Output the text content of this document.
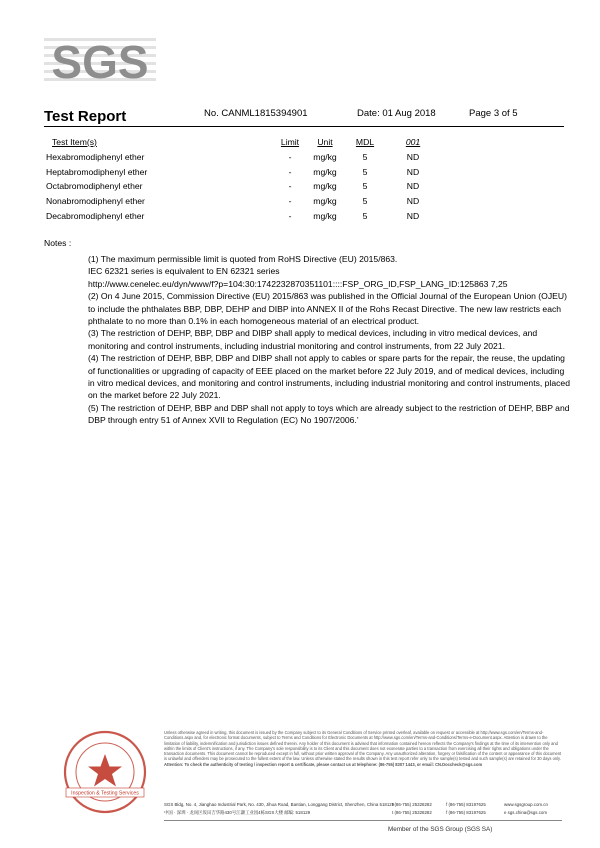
SGS
Test Report	No. CANML1815394901	Date: 01 Aug 2018	Page 3 of 5
Test Item(s)	Limit	Unit	MDL	001
Hexabromodiphenyl ether	-	mg/kg	5	ND
Heptabromodiphenyl ether	-	mg/kg	5	ND
Octabromodiphenyl ether	-	mg/kg	5	ND
Nonabromodiphenyl ether	-	mg/kg	5	ND
Decabromodiphenyl ether	-	mg/kg	5	ND
Notes :

(1) The maximum permissible limit is quoted from RoHS Directive (EU) 2015/863.

IEC 62321 series is equivalent to EN 62321 series

http://www.cenelec.eu/dyn/www/f?p=104:30:1742232870351101::::FSP_ORG_ID,FSP_LANG_ID:125863 7,25

(2) On 4 June 2015, Commission Directive (EU) 2015/863 was published in the Official Journal of the European Union (OJEU) to include the phthalates BBP, DBP, DEHP and DIBP into ANNEX II of the Rohs Recast Directive. The new law restricts each phthalate to no more than 0.1% in each homogeneous material of an electrical product.

(3) The restriction of DEHP, BBP, DBP and DIBP shall apply to medical devices, including in vitro medical devices, and monitoring and control instruments, including industrial monitoring and control instruments, from 22 July 2021.

(4) The restriction of DEHP, BBP, DBP and DIBP shall not apply to cables or spare parts for the repair, the reuse, the updating of functionalities or upgrading of capacity of EEE placed on the market before 22 July 2019, and of medical devices, including in vitro medical devices, and monitoring and control instruments, including industrial monitoring and control instruments, placed on the market before 22 July 2021.

(5) The restriction of DEHP, BBP and DBP shall not apply to toys which are already subject to the restriction of DEHP, BBP and DBP through entry 51 of Annex XVII to Regulation (EC) No 1907/2006.’

Inspection & Testing Services

Unless otherwise agreed in writing, this document is issued by the Company subject to its General Conditions of Service printed overleaf, available on request or accessible at http://www.sgs.com/en/Terms-and-Conditions.aspx and, for electronic format documents, subject to Terms and Conditions for Electronic Documents at http://www.sgs.com/en/Terms-and-Conditions/Terms-e-Document.aspx. Attention is drawn to the limitation of liability, indemnification and jurisdiction issues defined therein. Any holder of this document is advised that information contained hereon reflects the Company's findings at the time of its intervention only and within the limits of Client's instructions, if any. The Company's sole responsibility is to its Client and this document does not exonerate parties to a transaction from exercising all their rights and obligations under the transaction documents. This document cannot be reproduced except in full, without prior written approval of the Company. Any unauthorized alteration, forgery or falsification of the content or appearance of this document is unlawful and offenders may be prosecuted to the fullest extent of the law. Unless otherwise stated the results shown in this test report refer only to the sample(s) tested and such sample(s) are retained for 30 days only.

Attention: To check the authenticity of testing / inspection report & certificate, please contact us at telephone: (86-755) 8307 1443, or email: CN.Doccheck@sgs.com

SGS Bldg, No. 4, Jianghao Industrial Park, No. 430, Jihua Road, Bantian, Longgang District, Shenzhen, China 518129
t (86-755) 25328282	f (86-755) 83197625	www.sgsgroup.com.cn
中国 · 深圳 · 龙岗区坂田吉华路430号江灏工业园4栋SGS大楼 邮编: 518129	t (86-755) 25328282	f (86-755) 83197625	e sgs.china@sgs.com
Member of the SGS Group (SGS SA)
